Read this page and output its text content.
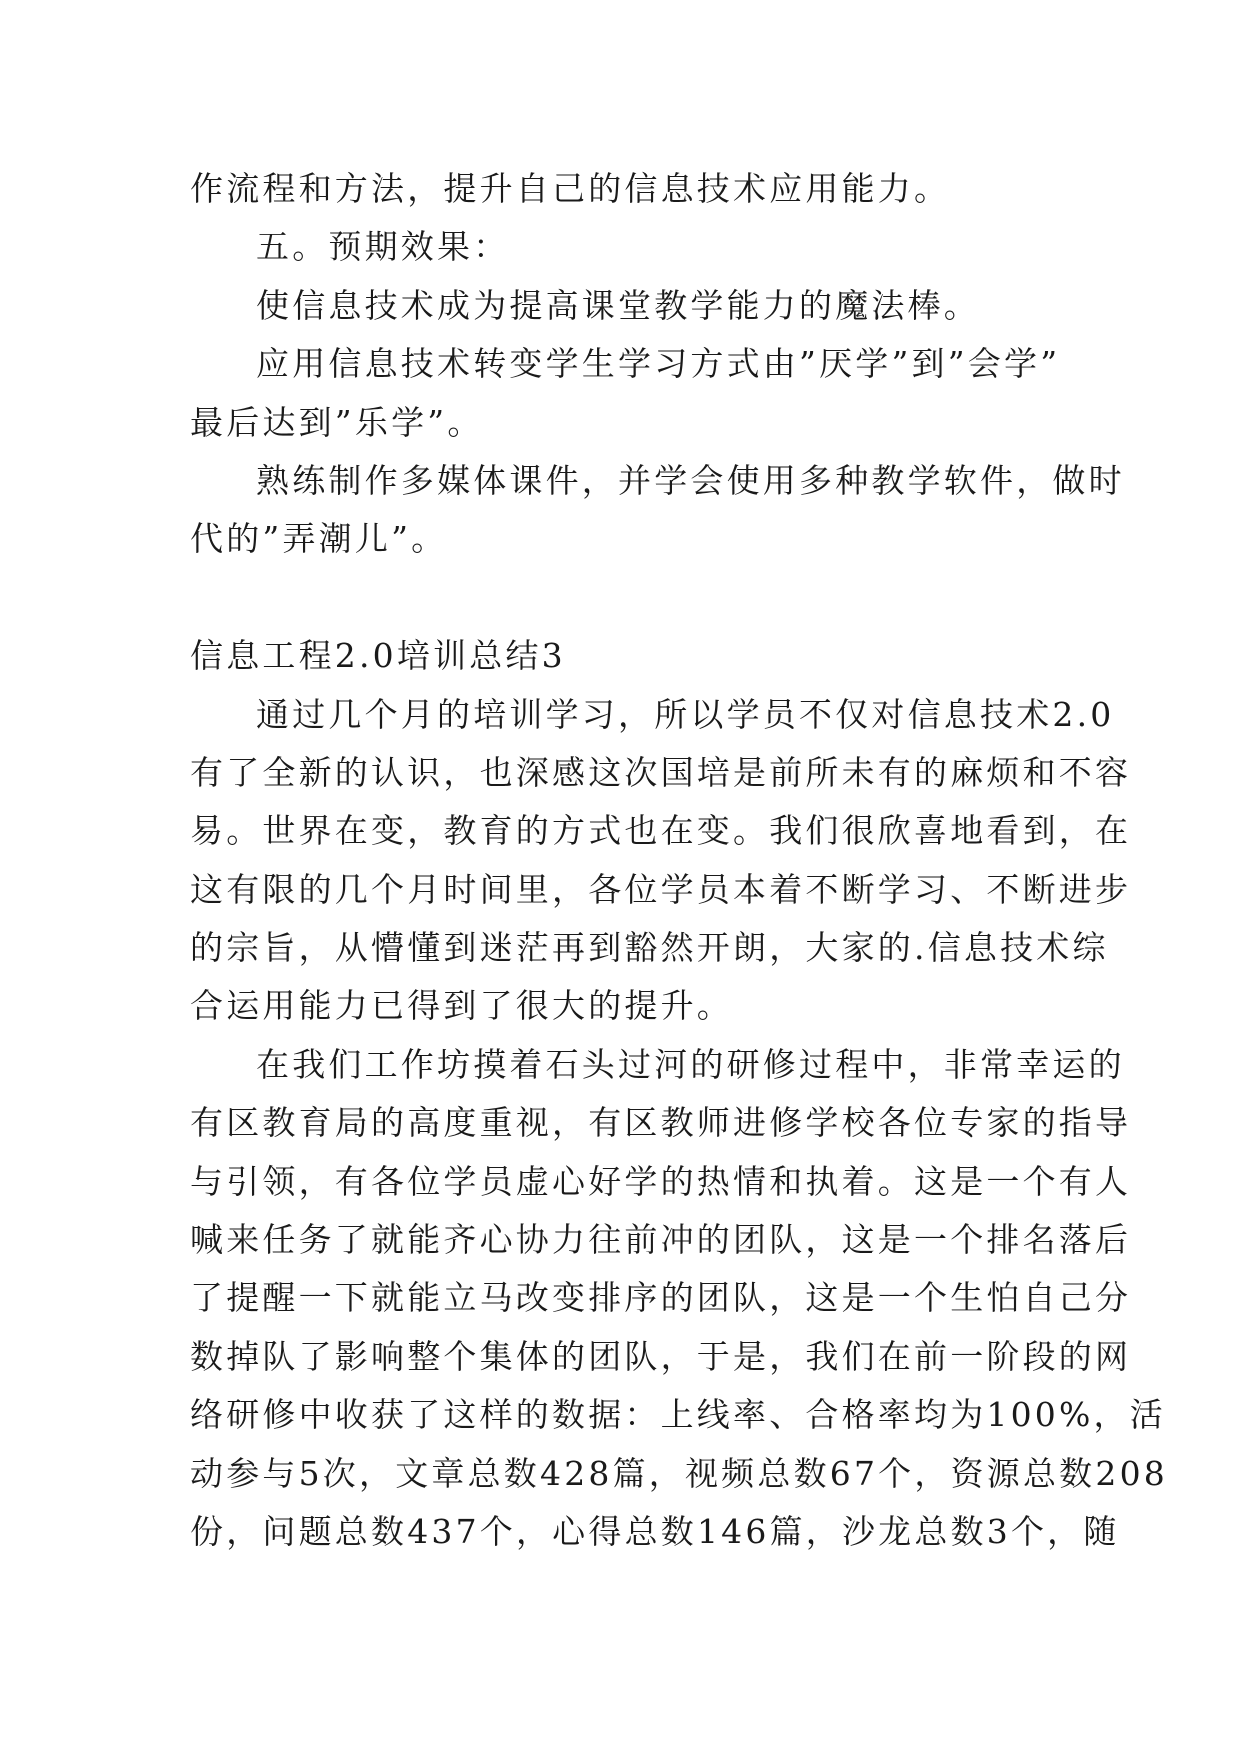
作流程和方法，提升自己的信息技术应用能力。
五。预期效果：
使信息技术成为提高课堂教学能力的魔法棒。
应用信息技术转变学生学习方式由”厌学”到”会学”
最后达到”乐学”。
熟练制作多媒体课件，并学会使用多种教学软件，做时
代的”弄潮儿”。
信息工程2.0培训总结3
通过几个月的培训学习，所以学员不仅对信息技术2.0
有了全新的认识，也深感这次国培是前所未有的麻烦和不容
易。世界在变，教育的方式也在变。我们很欣喜地看到，在
这有限的几个月时间里，各位学员本着不断学习、不断进步
的宗旨，从懵懂到迷茫再到豁然开朗，大家的.信息技术综
合运用能力已得到了很大的提升。
在我们工作坊摸着石头过河的研修过程中，非常幸运的
有区教育局的高度重视，有区教师进修学校各位专家的指导
与引领，有各位学员虚心好学的热情和执着。这是一个有人
喊来任务了就能齐心协力往前冲的团队，这是一个排名落后
了提醒一下就能立马改变排序的团队，这是一个生怕自己分
数掉队了影响整个集体的团队，于是，我们在前一阶段的网
络研修中收获了这样的数据：上线率、合格率均为100%，活
动参与5次，文章总数428篇，视频总数67个，资源总数208
份，问题总数437个，心得总数146篇，沙龙总数3个，随
